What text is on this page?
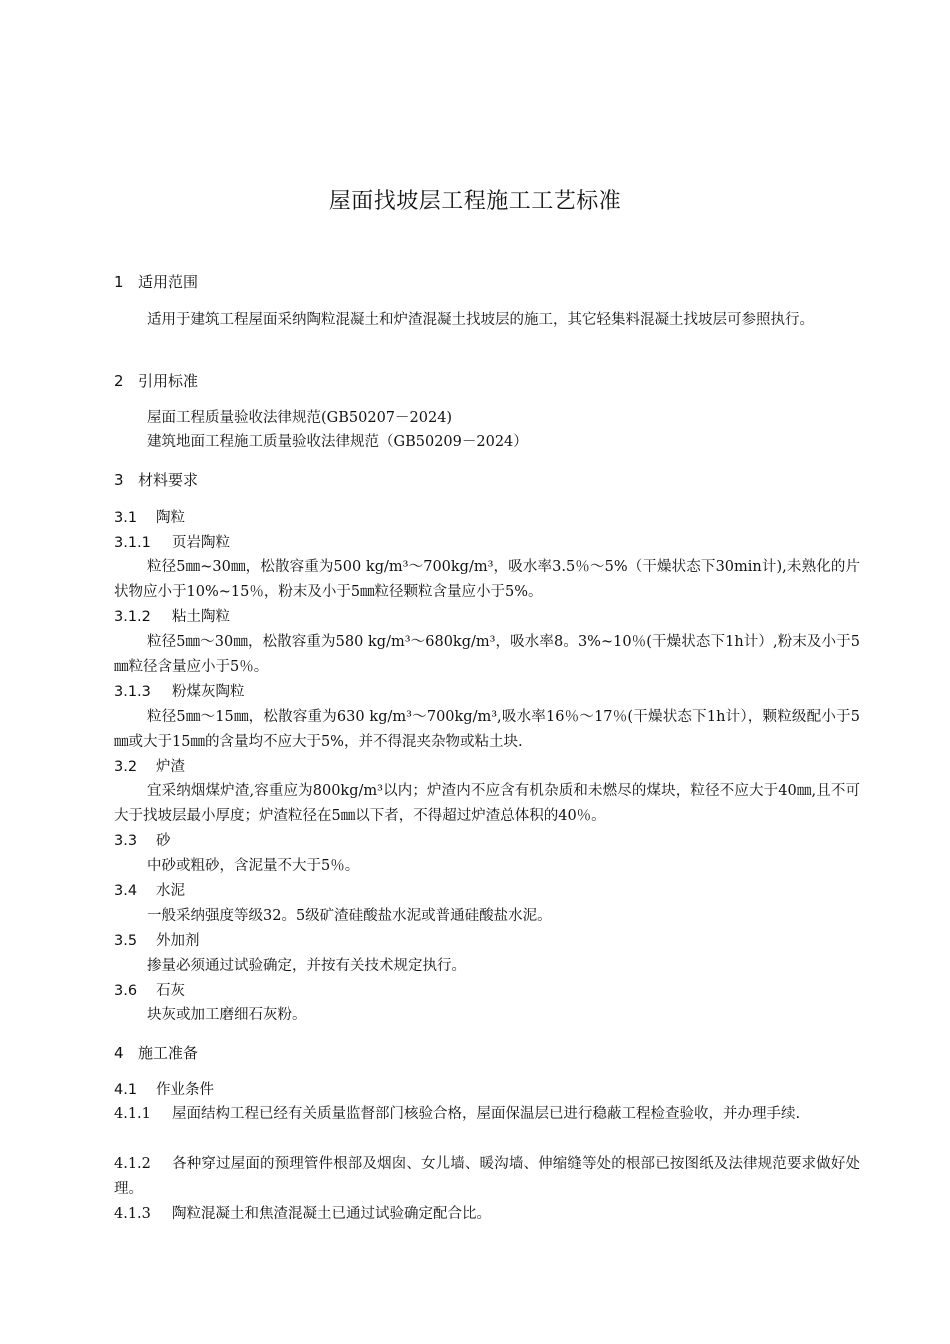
屋面找坡层工程施工工艺标准
1 适用范围
适用于建筑工程屋面采纳陶粒混凝土和炉渣混凝土找坡层的施工，其它轻集料混凝土找坡层可参照执行。
2 引用标准
屋面工程质量验收法律规范(GB50207－2024)
建筑地面工程施工质量验收法律规范（GB50209－2024）
3 材料要求
3.1 陶粒
3.1.1 页岩陶粒
粒径5㎜~30㎜，松散容重为500 kg/m³～700kg/m³，吸水率3.5％～5%（干燥状态下30min计),未熟化的片状物应小于10%~15％，粉末及小于5㎜粒径颗粒含量应小于5%。
3.1.2 粘土陶粒
粒径5㎜～30㎜，松散容重为580 kg/m³～680kg/m³，吸水率8。3%~10％(干燥状态下1h计）,粉末及小于5㎜粒径含量应小于5％。
3.1.3 粉煤灰陶粒
粒径5㎜～15㎜，松散容重为630 kg/m³～700kg/m³,吸水率16％～17％(干燥状态下1h计），颗粒级配小于5㎜或大于15㎜的含量均不应大于5%，并不得混夹杂物或粘土块.
3.2 炉渣
宜采纳烟煤炉渣,容重应为800kg/m³以内；炉渣内不应含有机杂质和未燃尽的煤块，粒径不应大于40㎜,且不可大于找坡层最小厚度；炉渣粒径在5㎜以下者，不得超过炉渣总体积的40％。
3.3 砂
中砂或粗砂，含泥量不大于5％。
3.4 水泥
一般采纳强度等级32。5级矿渣硅酸盐水泥或普通硅酸盐水泥。
3.5 外加剂
掺量必须通过试验确定，并按有关技术规定执行。
3.6 石灰
块灰或加工磨细石灰粉。
4 施工准备
4.1 作业条件
4.1.1 屋面结构工程已经有关质量监督部门核验合格，屋面保温层已进行稳蔽工程检查验收，并办理手续.
4.1.2 各种穿过屋面的预理管件根部及烟囱、女儿墙、暖沟墙、伸缩缝等处的根部已按图纸及法律规范要求做好处理。
4.1.3 陶粒混凝土和焦渣混凝土已通过试验确定配合比。
